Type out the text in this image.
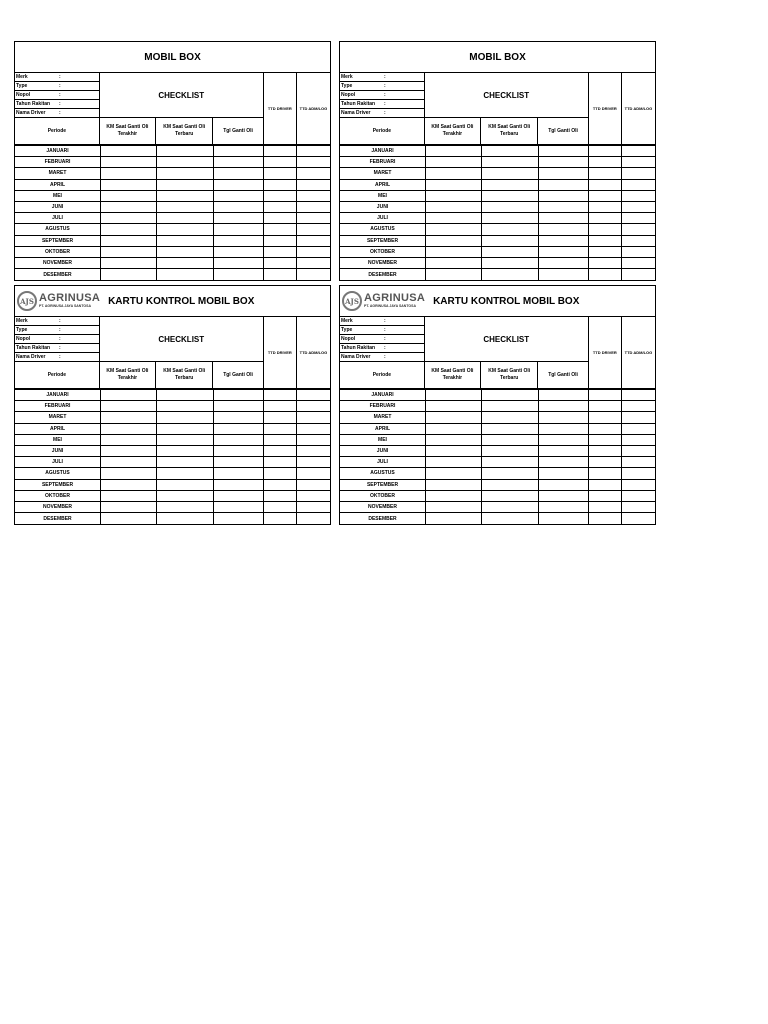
MOBIL BOX
Merk	:
Type	:
Nopol	:
Tahun Rakitan :
Nama Driver	:
Periode
CHECKLIST
KM Saat Ganti Oli Terakhir
KM Saat Ganti Oli Terbaru
Tgl Ganti Oli
TTD DRIVER	TTD ADM/LOG
JANUARI
FEBRUARI
MARET
APRIL
MEI
JUNI
JULI
AGUSTUS
SEPTEMBER
OKTOBER
NOVEMBER
DESEMBER
MOBIL BOX
Merk	:
Type	:
Nopol	:
Tahun Rakitan :
Nama Driver	:
Periode
CHECKLIST
KM Saat Ganti Oli Terakhir
KM Saat Ganti Oli Terbaru
Tgl Ganti Oli
TTD DRIVER	TTD ADM/LOG
JANUARI
FEBRUARI
MARET
APRIL
MEI
JUNI
JULI
AGUSTUS
SEPTEMBER
OKTOBER
NOVEMBER
DESEMBER
AJS AGRINUSA
PT. AGRINUSA JAYA SANTOSA	KARTU KONTROL MOBIL BOX
Merk	:
Type	:
Nopol	:
Tahun Rakitan :
Nama Driver	:
Periode
CHECKLIST
KM Saat Ganti Oli Terakhir
KM Saat Ganti Oli Terbaru
Tgl Ganti Oli
TTD DRIVER	TTD ADM/LOG
JANUARI
FEBRUARI
MARET
APRIL
MEI
JUNI
JULI
AGUSTUS
SEPTEMBER
OKTOBER
NOVEMBER
DESEMBER
AJS AGRINUSA
PT. AGRINUSA JAYA SANTOSA	KARTU KONTROL MOBIL BOX
Merk	:
Type	:
Nopol	:
Tahun Rakitan :
Nama Driver	:
Periode
CHECKLIST
KM Saat Ganti Oli Terakhir
KM Saat Ganti Oli Terbaru
Tgl Ganti Oli
TTD DRIVER	TTD ADM/LOG
JANUARI
FEBRUARI
MARET
APRIL
MEI
JUNI
JULI
AGUSTUS
SEPTEMBER
OKTOBER
NOVEMBER
DESEMBER
